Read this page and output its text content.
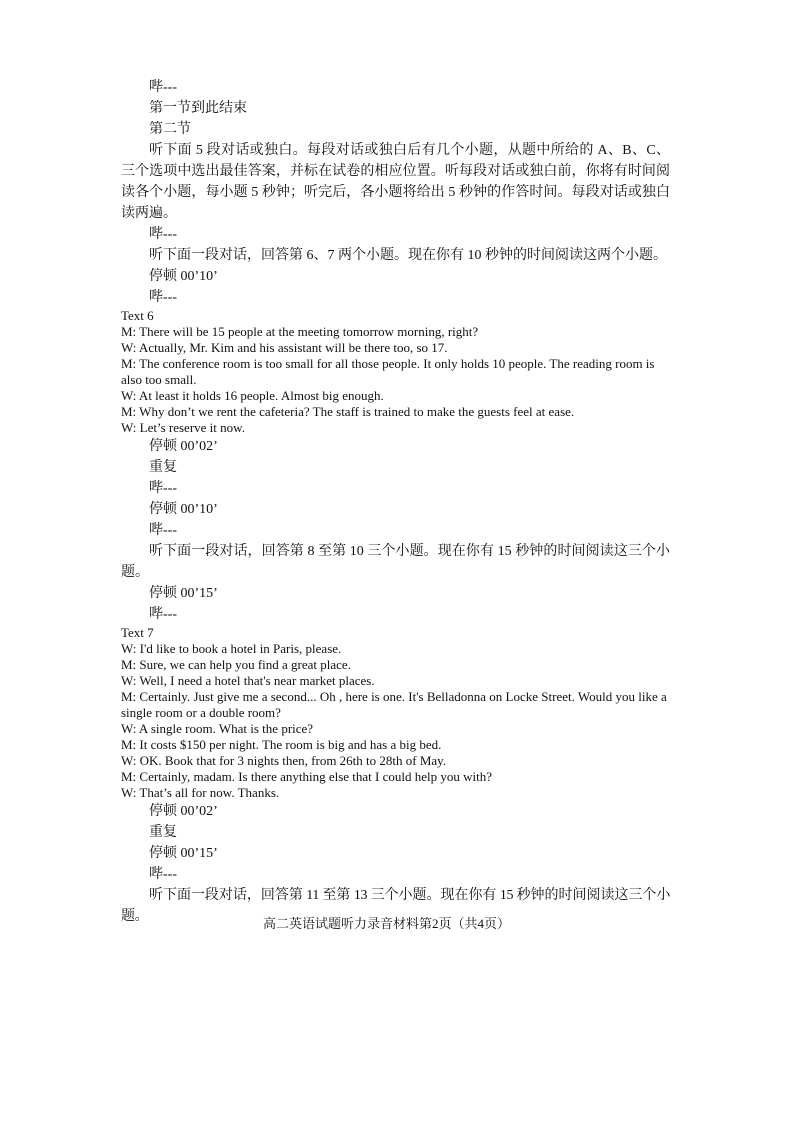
哔---

第一节到此结束

第二节

听下面 5 段对话或独白。每段对话或独白后有几个小题，从题中所给的 A、B、C、三个选项中选出最佳答案，并标在试卷的相应位置。听每段对话或独白前，你将有时间阅读各个小题，每小题 5 秒钟；听完后，各小题将给出 5 秒钟的作答时间。每段对话或独白读两遍。

哔---

听下面一段对话，回答第 6、7 两个小题。现在你有 10 秒钟的时间阅读这两个小题。

停顿 00’10’

哔---

Text 6

M: There will be 15 people at the meeting tomorrow morning, right?

W: Actually, Mr. Kim and his assistant will be there too, so 17.

M: The conference room is too small for all those people. It only holds 10 people. The reading room is also too small.

W: At least it holds 16 people. Almost big enough.

M: Why don’t we rent the cafeteria? The staff is trained to make the guests feel at ease.

W: Let’s reserve it now.

停顿 00’02’

重复

哔---

停顿 00’10’

哔---

听下面一段对话，回答第 8 至第 10 三个小题。现在你有 15 秒钟的时间阅读这三个小题。

停顿 00’15’

哔---

Text 7

W: I'd like to book a hotel in Paris, please.

M: Sure, we can help you find a great place.

W: Well, I need a hotel that's near market places.

M: Certainly. Just give me a second... Oh , here is one. It's Belladonna on Locke Street. Would you like a single room or a double room?

W: A single room. What is the price?

M: It costs $150 per night. The room is big and has a big bed.

W: OK. Book that for 3 nights then, from 26th to 28th of May.

M: Certainly, madam. Is there anything else that I could help you with?

W: That’s all for now. Thanks.

停顿 00’02’

重复

停顿 00’15’

哔---

听下面一段对话，回答第 11 至第 13 三个小题。现在你有 15 秒钟的时间阅读这三个小题。	高二英语试题听力录音材料第2页（共4页）
